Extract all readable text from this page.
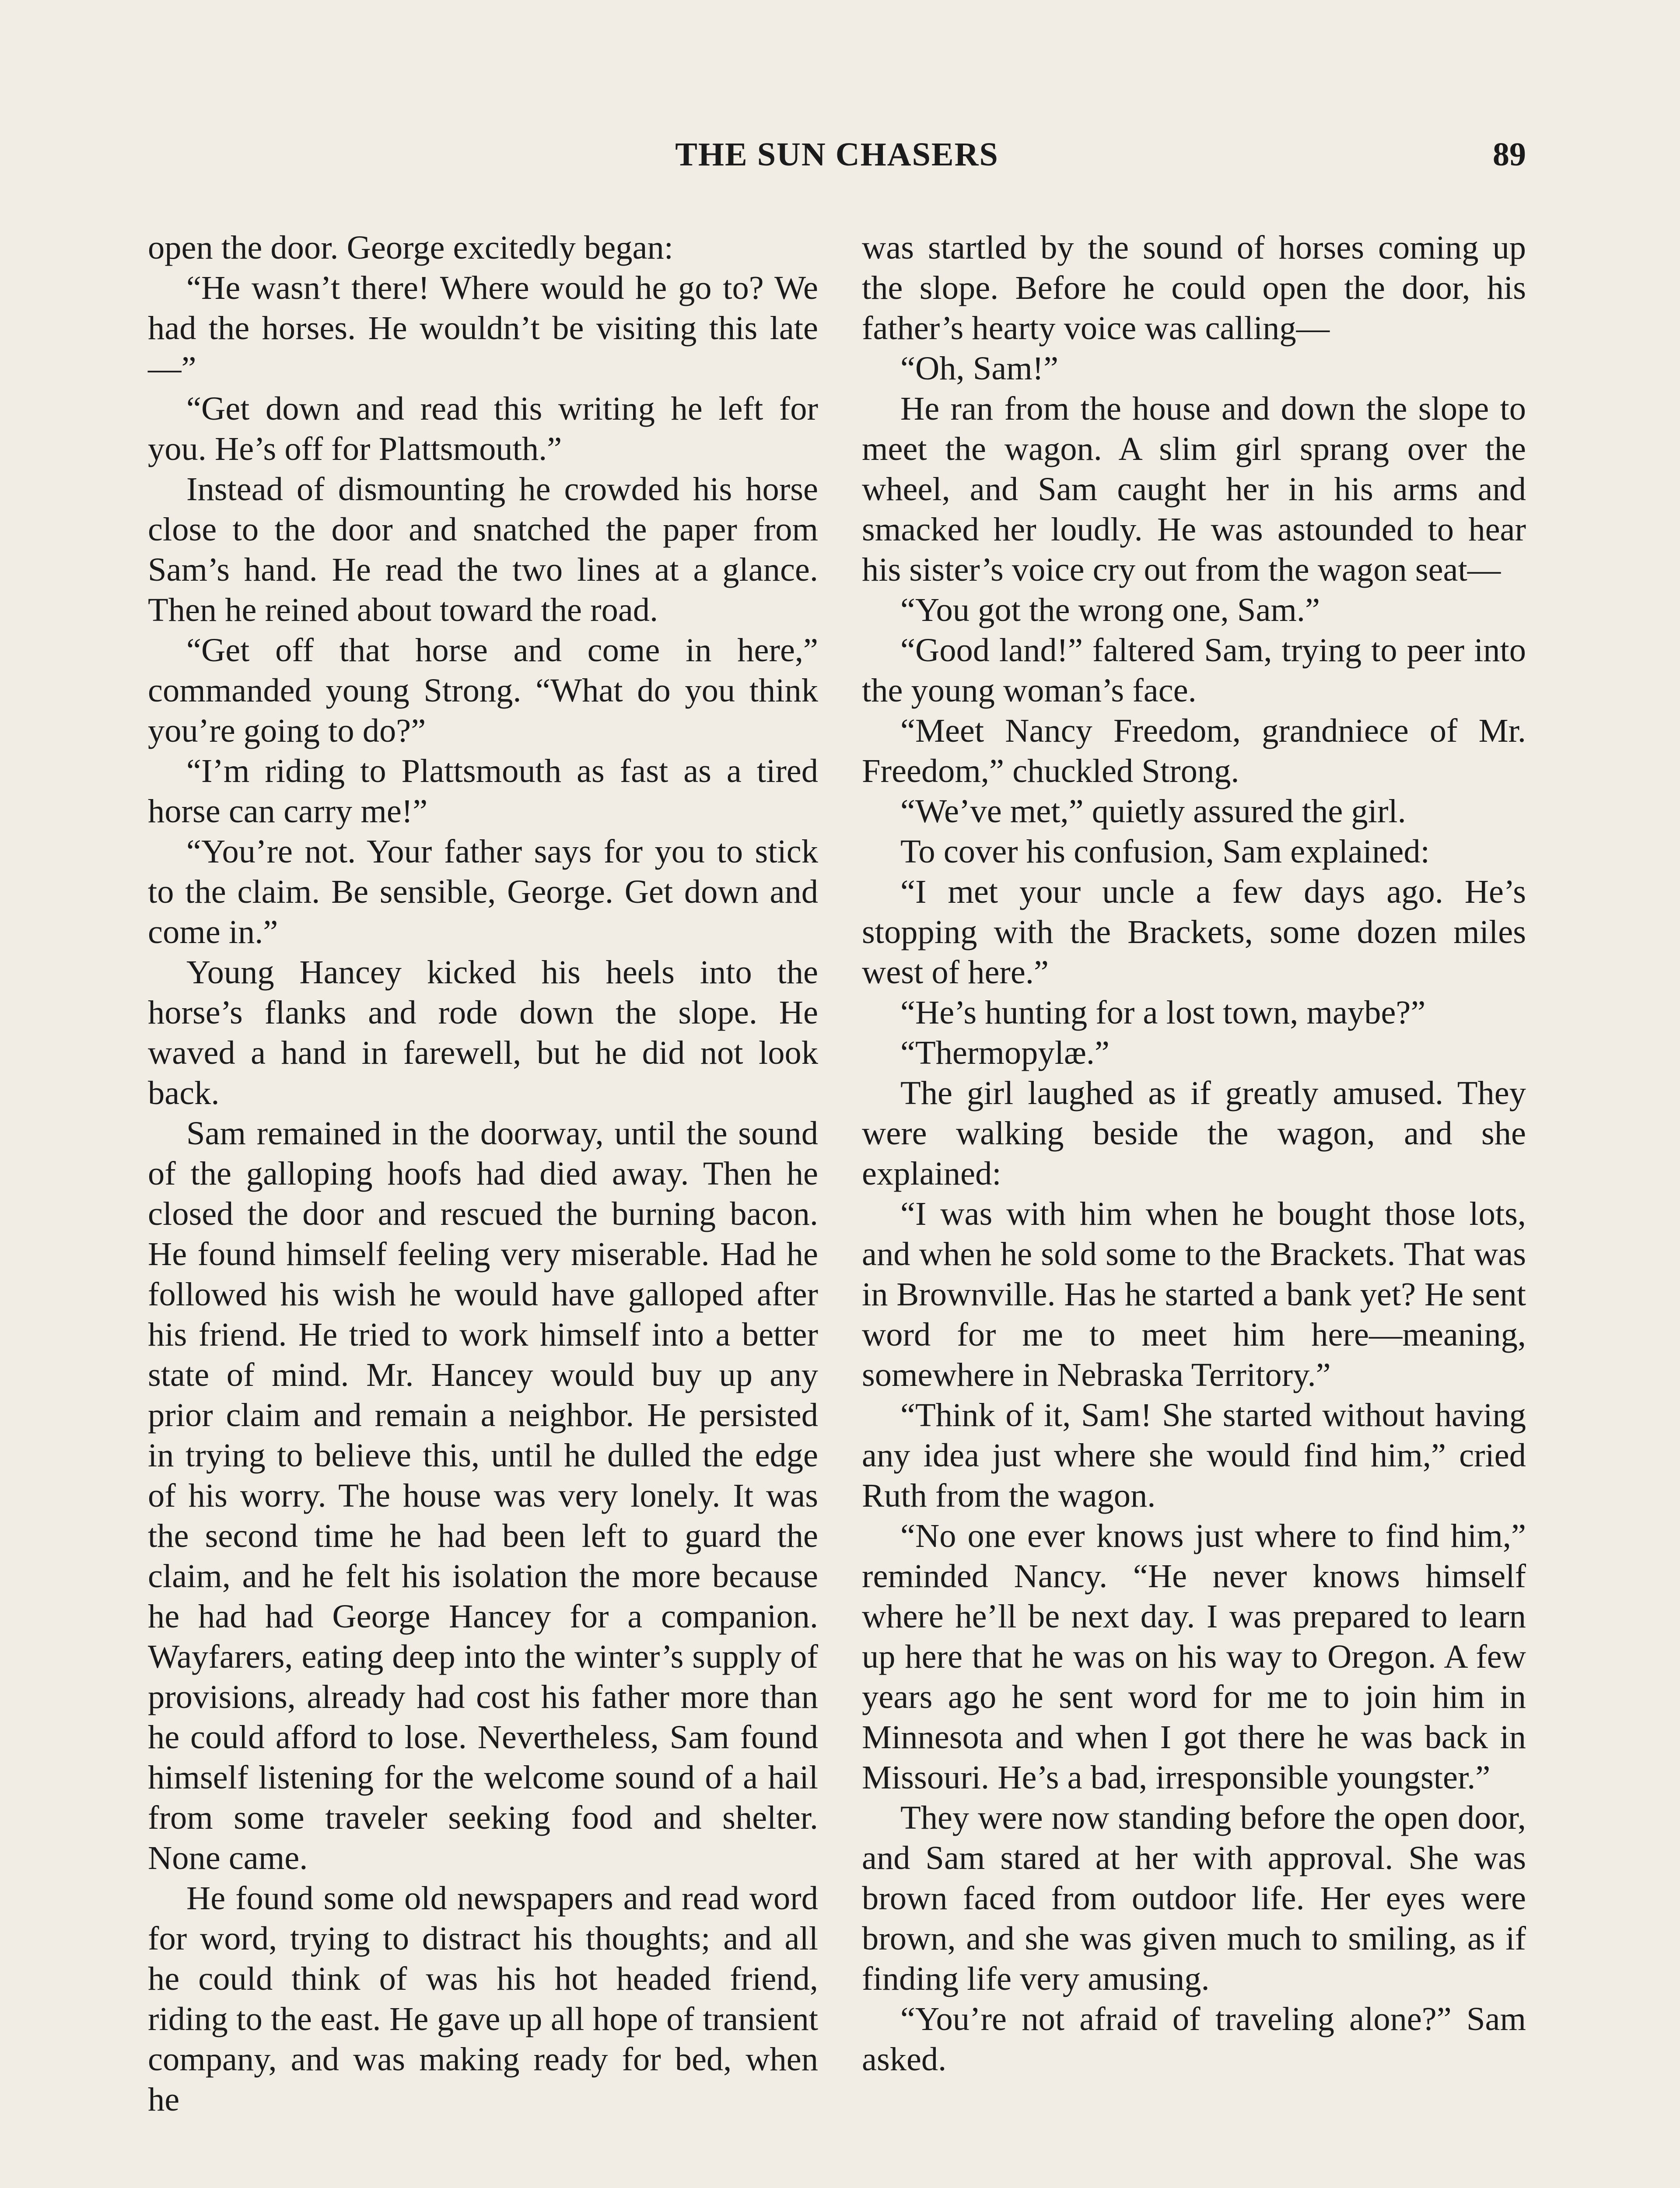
THE SUN CHASERS	89

open the door. George excitedly began:

“He wasn’t there! Where would he go to? We had the horses. He wouldn’t be visiting this late—”

“Get down and read this writing he left for you. He’s off for Plattsmouth.”

Instead of dismounting he crowded his horse close to the door and snatched the paper from Sam’s hand. He read the two lines at a glance. Then he reined about toward the road.

“Get off that horse and come in here,” commanded young Strong. “What do you think you’re going to do?”

“I’m riding to Plattsmouth as fast as a tired horse can carry me!”

“You’re not. Your father says for you to stick to the claim. Be sensible, George. Get down and come in.”

Young Hancey kicked his heels into the horse’s flanks and rode down the slope. He waved a hand in farewell, but he did not look back.

Sam remained in the doorway, until the sound of the galloping hoofs had died away. Then he closed the door and rescued the burning bacon. He found himself feeling very miserable. Had he followed his wish he would have galloped after his friend. He tried to work himself into a better state of mind. Mr. Hancey would buy up any prior claim and remain a neighbor. He persisted in trying to believe this, until he dulled the edge of his worry. The house was very lonely. It was the second time he had been left to guard the claim, and he felt his isolation the more because he had had George Hancey for a companion. Wayfarers, eating deep into the winter’s supply of provisions, already had cost his father more than he could afford to lose. Nevertheless, Sam found himself listening for the welcome sound of a hail from some traveler seeking food and shelter. None came.

He found some old newspapers and read word for word, trying to distract his thoughts; and all he could think of was his hot headed friend, riding to the east. He gave up all hope of transient company, and was making ready for bed, when he

was startled by the sound of horses coming up the slope. Before he could open the door, his father’s hearty voice was calling—

“Oh, Sam!”

He ran from the house and down the slope to meet the wagon. A slim girl sprang over the wheel, and Sam caught her in his arms and smacked her loudly. He was astounded to hear his sister’s voice cry out from the wagon seat—

“You got the wrong one, Sam.”

“Good land!” faltered Sam, trying to peer into the young woman’s face.

“Meet Nancy Freedom, grandniece of Mr. Freedom,” chuckled Strong.

“We’ve met,” quietly assured the girl.

To cover his confusion, Sam explained:

“I met your uncle a few days ago. He’s stopping with the Brackets, some dozen miles west of here.”

“He’s hunting for a lost town, maybe?”

“Thermopylæ.”

The girl laughed as if greatly amused. They were walking beside the wagon, and she explained:

“I was with him when he bought those lots, and when he sold some to the Brackets. That was in Brownville. Has he started a bank yet? He sent word for me to meet him here—meaning, somewhere in Nebraska Territory.”

“Think of it, Sam! She started without having any idea just where she would find him,” cried Ruth from the wagon.

“No one ever knows just where to find him,” reminded Nancy. “He never knows himself where he’ll be next day. I was prepared to learn up here that he was on his way to Oregon. A few years ago he sent word for me to join him in Minnesota and when I got there he was back in Missouri. He’s a bad, irresponsible youngster.”

They were now standing before the open door, and Sam stared at her with approval. She was brown faced from outdoor life. Her eyes were brown, and she was given much to smiling, as if finding life very amusing.

“You’re not afraid of traveling alone?” Sam asked.
